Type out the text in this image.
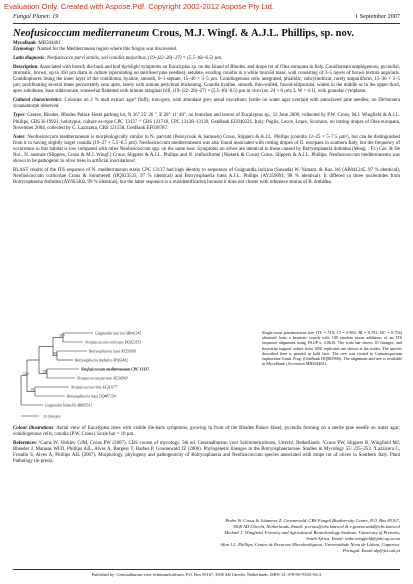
Evaluation Only. Created with Aspose.Pdf. Copyright 2002-2012 Aspose Pty Ltd.
Fungal Planet: 19	1 September 2007
Neofusicoccum mediterraneum Crous, M.J. Wingf. & A.J.L. Phillips, sp. nov.

MycoBank: MB504461
Etymology: Named for the Mediterranean region where this fungus was discovered.

Latin diagnosis: Neofusicocco parvi similis, sed conidiis majoribus, (19–)22–26(–27) × (5.5–)6(–6.5) µm.

Description: Associated with branch die-back and leaf tip-blight symptoms on Eucalyptus sp. on the Island of Rhodes, and drupe rot of Olea europaea in Italy. Conidiomata amphigenous, pycnidial, stromatic, brown, up to 450 µm diam in culture (sporulating on sterilised pine needles), setulate, exuding conidia in a white mucoid mass, wall consisting of 3–5 layers of brown textura angularis. Conidiophores lining the inner layer of the conidioma, hyaline, smooth, 0–1-septate, 15–40 × 3–5 µm. Conidiogenous cells integrated, phialidic, subcylindrical, rarely ampulliform, 15–30 × 3–5 µm; proliferating several times percurrently near apex, rarely with minute periclinal thickening. Conidia hyaline, smooth, thin-walled, fusoid-ellipsoidal, widest in the middle or in the upper third, apex subobtuse, base subtruncate, somewhat flattened with minute marginal frill, (19–)22–26(–27) × (5.5–)6(–6.5) µm in vitro (av. 24 × 6 µm; L:W = 4:1), with granular cytoplasm.

Cultural characteristics: Colonies on 2 % malt extract agar¹ fluffy, iron-grey, with abundant grey aerial mycelium; fertile on water agar overlaid with autoclaved pine needles; no Dichomera synanamorph observed.

Types: Greece, Rhodes, Rhodes Palace Hotel parking lot, N 36° 25' 26 ", E 28° 11' 40", on branches and leaves of Eucalyptus sp., 12 June 2006, collected by P.W. Crous, M.J. Wingfield & A.J.L. Phillips, CBS H-19921, holotypus, culture ex-type CPC 13137 = CBS 121718, CPC 13138–13139, GenBank EU040221. Italy, Puglia, Lecce, Lepre, Scorrano, on rotting drupes of Olea europaea, November 2004, collected by C. Lazzizera, CBS 121558, GenBank EF638787.

Notes: Neofusicoccum mediterraneum is morphologically similar to N. parvum (Pennycook & Samuels) Crous, Slippers & A.J.L. Phillips (conidia 12–25 × 5–7.5 µm²), but can be distinguished from it in having slightly larger conidia (19–27 × 5.5–6.5 µm). Neofusicoccum mediterraneum was also found associated with rotting drupes of O. europaea in southern Italy, but the frequency of occurrence in this habitat is low compared with other Neofusicoccum spp. on the same host. Symptoms on olives are identical to those caused by Botryosphaeria dothidea (Moug. : Fr.) Ces. & De Not., N. australe (Slippers, Crous & M.J. Wingf.) Crous, Slippers & A.J.L. Phillips and N. vitifusiforme (Niekerk & Crous) Crous, Slippers & A.J.L. Phillips. Neofusicoccum mediterraneum was shown to be pathogenic to olive trees in artificial inoculations³.

BLAST results of the ITS sequence of N. mediterraneum strain CPC 13137 had high identity to sequences of Guignardia laricina (Sawada) W. Yamam. & Kaz. Itô (AB041245, 97 % identical), Neofusicoccum corticosae Crous & Summerell (DQ923533, 97 % identical) and Botryosphaeria lutea A.J.L. Phillips (AY259091, 98 % identical). It differed in three nucleotides from Botryosphaeria dothidea (AY663402, 99 % identical), but the latter sequence is a misidentification because it does not cluster with reference strains of B. dothidea.

Guignardia laricina AB041245
Neofusicoccum corticosae DQ923533
Botryosphaeria lutea AY259091
Botryosphaeria dothidea AY663402
Neofusicoccum mediterraneum CPC 13137
Neofusicoccum parvum AY236943
Neofusicoccum ribis AF241177
Botryosphaeria lutea DQ487154
Guignardia bidwellii AB095511
100
89
98
61
100
10 changes
Single most parsimonious tree (TL = 510; CI = 0.965; RI = 0.781; RC = 0.754) obtained from a heuristic search with 100 random taxon additions of an ITS sequence alignment using PAUP v. 4.0b10. The scale bar shows 10 changes, and bootstrap support values from 1000 replicates are shown at the nodes. The species described here is printed in bold face. The tree was rooted to Camarosporium euphorbiae Gonn. Frag. (GenBank DQ865900). The alignment and tree is available in MycoBank (Accession MB504461).

Colour illustrations: Aerial view of Eucalyptus trees with visible die-back symptoms, growing in front of the Rhodes Palace Hotel; pycnidia forming on a sterile pine needle on water agar; conidiogenous cells; conidia (P.W. Crous). Scale bar = 10 µm.

References: ¹Gams W, Verkley GJM, Crous PW (2007). CBS course of mycology. 5th ed. Centraalbureau voor Schimmelcultures, Utrecht, Netherlands. ²Crous PW, Slippers B, Wingfield MJ, Rheeder J, Marasas WFO, Phillips AJL, Alves A, Burgess T, Barber P, Groenewald JZ (2006). Phylogenetic lineages in the Botryosphaeriaceae. Studies in Mycology 55: 235–253. ³Lazzizera C, Frisullo S, Alves A, Phillips AJL (2007). Morphology, phylogeny and pathogenicity of Botryosphaeria and Neofusicoccum species associated with drupe rot of olives in Southern Italy. Plant Pathology (in press).

Pedro W. Crous & Johannes Z. Groenewald, CBS Fungal Biodiversity Centre, P.O. Box 85167,
3508 AD Utrecht, Netherlands. Email: p.crous@cbs.knaw.nl & e.groenewald@cbs.knaw.nl
Michael J. Wingfield, Forestry and Agricultural Biotechnology Institute, University of Pretoria,
South Africa. Email: mike.wingfield@fabi.up.ac.za
Alan J.L. Phillips, Centro de Recursos Microbiológicos, Universidade Nova de Lisboa, Caparica,
Portugal. Email alp@fct.unl.pt
Published by: Centraalbureau voor Schimmelcultures, P.O. Box 85167, 3508 AD Utrecht, Netherlands. ISBN-13: 978-90-70351-63-2
